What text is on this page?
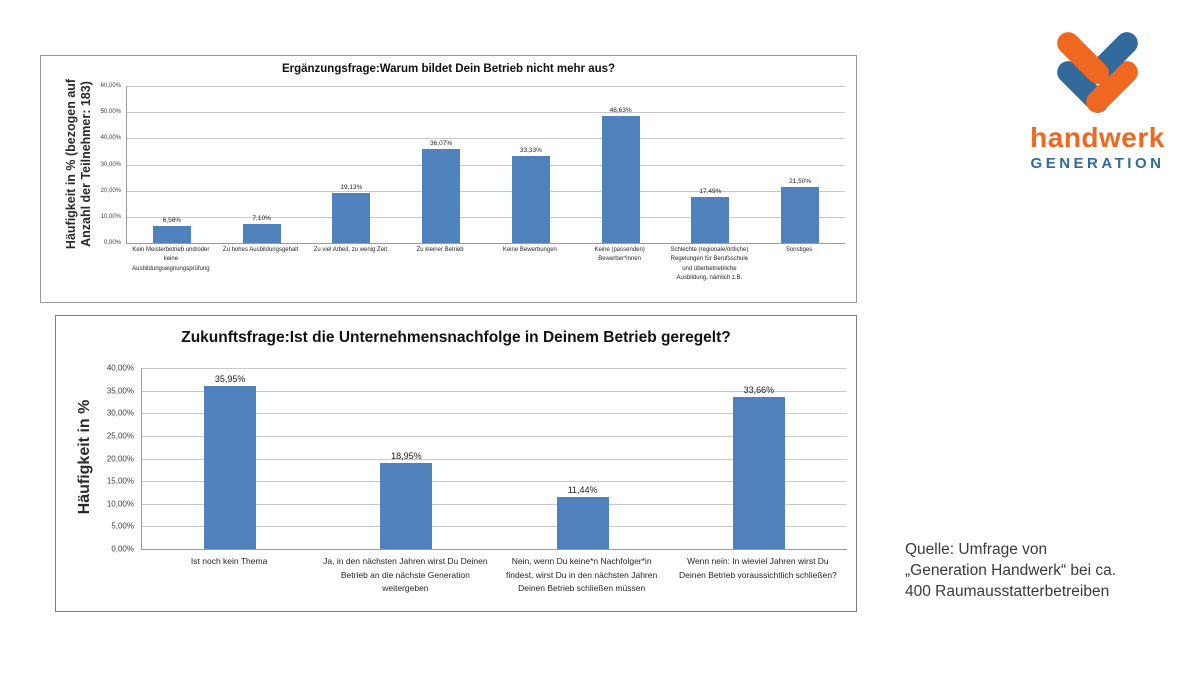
Ergänzungsfrage:Warum bildet Dein Betrieb nicht mehr aus?
Häufigkeit in % (bezogen auf Anzahl der Teilnehmer: 183) 0,00%
10,00%
20,00%
30,00%
40,00%
50,00%
60,00%
6,56%	7,10%
19,13%
36,07%
33,33%
48,63%
17,49%
21,50%
Kein Meisterbetrieb und/oder keine Ausbildungseignungsprüfung
Zu hohes Ausbildungsgehalt	Zu viel Arbeit, zu wenig Zeit	Zu kleiner Betrieb	Keine Bewerbungen	Keine (passenden) Bewerber*innen
Schlechte (regionale/örtliche) Regelungen für Berufsschule und überbetriebliche Ausbildung, nämlich z.B.
Sonstiges
Zukunftsfrage:Ist die Unternehmensnachfolge in Deinem Betrieb geregelt?
Häufigkeit in %
0,00%
5,00%
10,00%
15,00%
20,00%
25,00%
30,00%
35,00%
40,00%
35,95%
18,95%
11,44%
33,66%
Ist noch kein Thema	Ja, in den nächsten Jahren wirst Du Deinen Betrieb an die nächste Generation weitergeben
Nein, wenn Du keine*n Nachfolger*in findest, wirst Du in den nächsten Jahren Deinen Betrieb schließen müssen
Wenn nein: In wieviel Jahren wirst Du Deinen Betrieb voraussichtlich schließen?
handwerk
GENERATION
Quelle: Umfrage von
„Generation Handwerk“ bei ca.
400 Raumausstatterbetreiben
